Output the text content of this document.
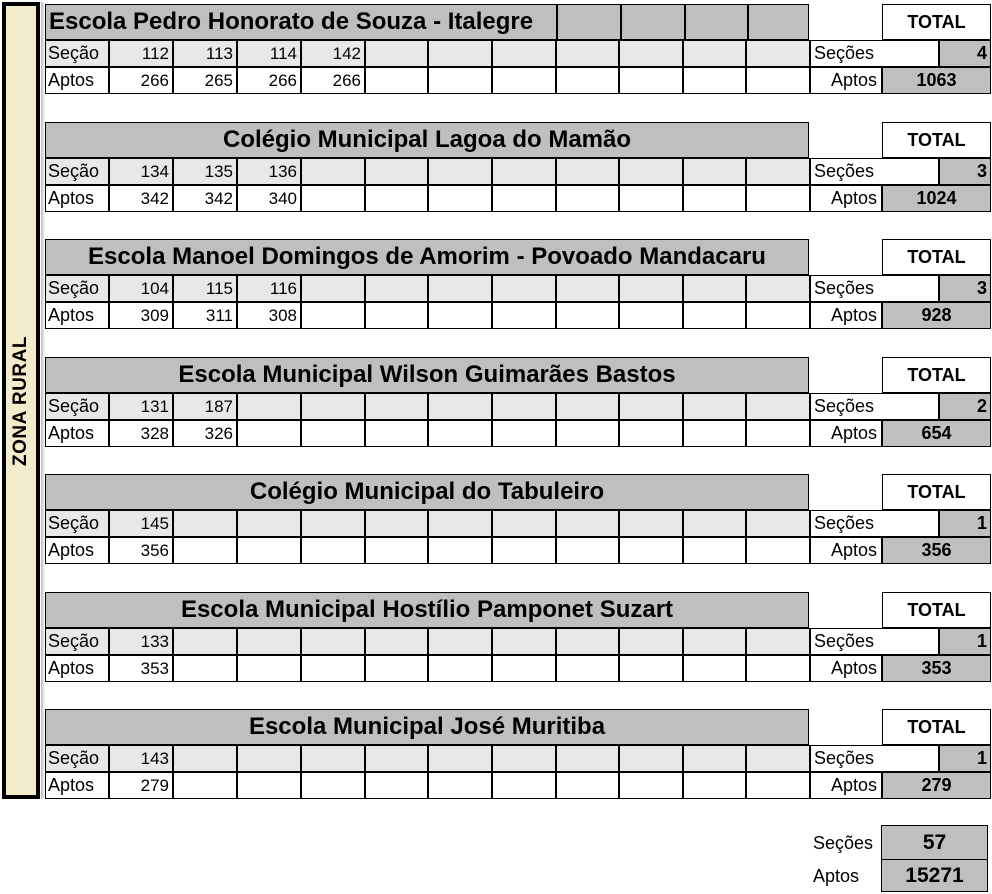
ZONA RURAL
Escola Pedro Honorato de Souza - Italegre	TOTAL
Seção	112	113	114	142
Aptos	266	265	266	266
Seções	4
Aptos	1063
Colégio Municipal Lagoa do Mamão	TOTAL
Seção	134	135	136
Aptos	342	342	340
Seções	3
Aptos	1024
Escola Manoel Domingos de Amorim - Povoado Mandacaru	TOTAL
Seção	104	115	116
Aptos	309	311	308
Seções	3
Aptos	928
Escola Municipal Wilson Guimarães Bastos	TOTAL
Seção	131	187
Aptos	328	326
Seções	2
Aptos	654
Colégio Municipal do Tabuleiro	TOTAL
Seção	145
Aptos	356
Seções	1
Aptos	356
Escola Municipal Hostílio Pamponet Suzart	TOTAL
Seção	133
Aptos	353
Seções	1
Aptos	353
Escola Municipal José Muritiba	TOTAL
Seção	143
Aptos	279
Seções	1
Aptos	279
Seções	57
Aptos	15271
